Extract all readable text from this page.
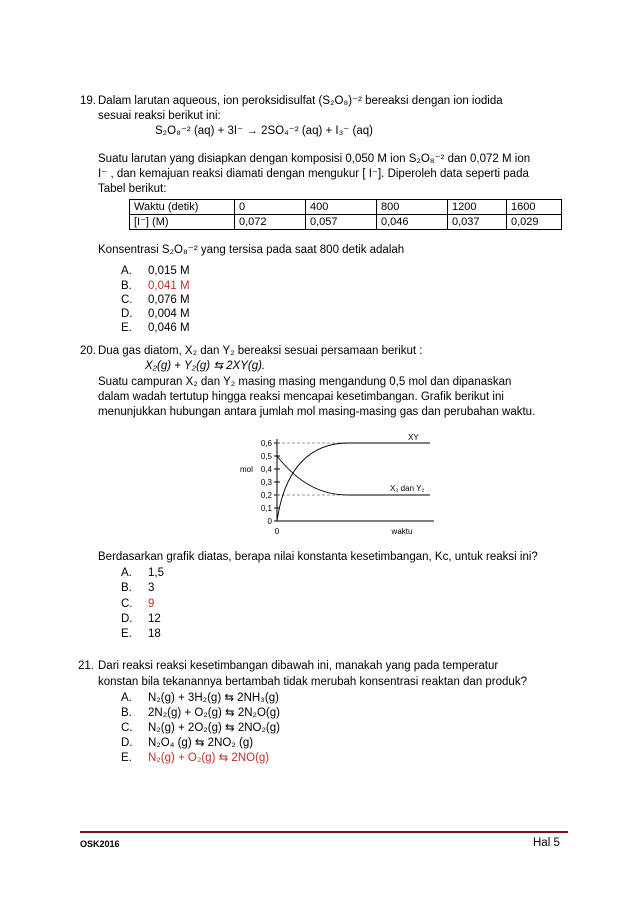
19. Dalam larutan aqueous, ion peroksidisulfat (S₂O₈)⁻² bereaksi dengan ion iodida
sesuai reaksi berikut ini:
S₂O₈⁻² (aq) + 3I⁻ → 2SO₄⁻² (aq) + I₃⁻ (aq)
Suatu larutan yang disiapkan dengan komposisi 0,050 M ion S₂O₈⁻² dan 0,072 M ion
I⁻ , dan kemajuan reaksi diamati dengan mengukur [ I⁻]. Diperoleh data seperti pada
Tabel berikut:
Waktu (detik)	0	400	800	1200	1600
[I⁻] (M)	0,072	0,057	0,046	0,037	0,029
Konsentrasi S₂O₈⁻² yang tersisa pada saat 800 detik adalah
A. 0,015 M
B. 0,041 M
C. 0,076 M
D. 0,004 M
E. 0,046 M
20. Dua gas diatom, X₂ dan Y₂ bereaksi sesuai persamaan berikut :
X₂(g) + Y₂(g) ⇆ 2XY(g).
Suatu campuran X₂ dan Y₂ masing masing mengandung 0,5 mol dan dipanaskan
dalam wadah tertutup hingga reaksi mencapai kesetimbangan. Grafik berikut ini
menunjukkan hubungan antara jumlah mol masing-masing gas dan perubahan waktu.
0
0,1
0,2
0,3
0,4
0,5
0,6
mol
0	waktu
XY
X₂ dan Y₂
Berdasarkan grafik diatas, berapa nilai konstanta kesetimbangan, Kc, untuk reaksi ini?
A. 1,5
B. 3
C. 9
D. 12
E. 18
21. Dari reaksi reaksi kesetimbangan dibawah ini, manakah yang pada temperatur
konstan bila tekanannya bertambah tidak merubah konsentrasi reaktan dan produk?
A. N₂(g) + 3H₂(g) ⇆ 2NH₃(g)
B. 2N₂(g) + O₂(g) ⇆ 2N₂O(g)
C. N₂(g) + 2O₂(g) ⇆ 2NO₂(g)
D. N₂O₄ (g) ⇆ 2NO₂ (g)
E. N₂(g) + O₂(g) ⇆ 2NO(g)
OSK2016	Hal 5
